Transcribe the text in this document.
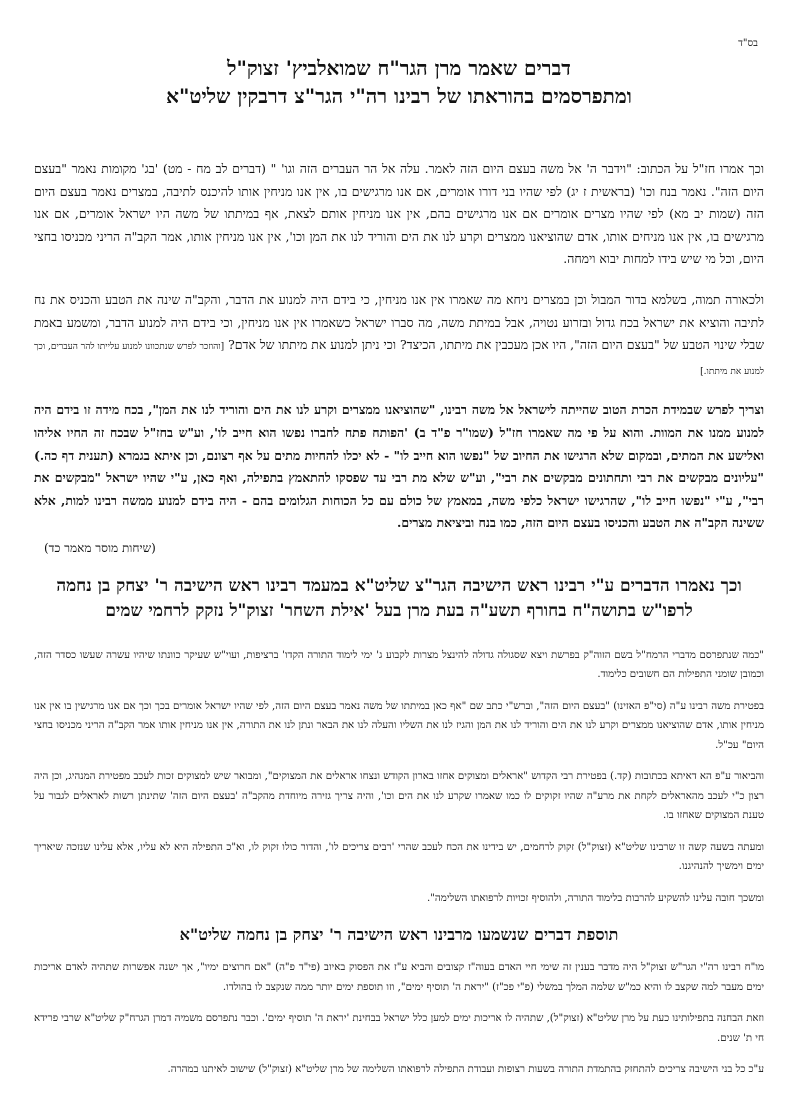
בס"ד
דברים שאמר מרן הגר"ח שמואלביץ' זצוק"ל
ומתפרסמים בהוראתו של רבינו רה"י הגר"צ דרבקין שליט"א

וכך אמרו חז"ל על הכתוב: "וידבר ה' אל משה בעצם היום הזה לאמר. עלה אל הר העברים הזה וגו' " (דברים לב מח - מט) 'בג' מקומות נאמר "בעצם היום הזה". נאמר בנח וכו' (בראשית ז יג) לפי שהיו בני דורו אומרים, אם אנו מרגישים בו, אין אנו מניחין אותו להיכנס לתיבה, במצרים נאמר בעצם היום הזה (שמות יב מא) לפי שהיו מצרים אומרים אם אנו מרגישים בהם, אין אנו מניחין אותם לצאת, אף במיתתו של משה היו ישראל אומרים, אם אנו מרגישים בו, אין אנו מניחים אותו, אדם שהוציאנו ממצרים וקרע לנו את הים והוריד לנו את המן וכו', אין אנו מניחין אותו, אמר הקב"ה הריני מכניסו בחצי היום, וכל מי שיש בידו למחות יבוא וימחה.

ולכאורה תמוה, בשלמא בדור המבול וכן במצרים ניחא מה שאמרו אין אנו מניחין, כי בידם היה למנוע את הדבר, והקב"ה שינה את הטבע והכניס את נח לתיבה והוציא את ישראל בכח גדול ובזרוע נטויה, אבל במיתת משה, מה סברו ישראל כשאמרו אין אנו מניחין, וכי בידם היה למנוע הדבר, ומשמע באמת שבלי שינוי הטבע של "בעצם היום הזה", היו אכן מעכבין את מיתתו, הכיצד? וכי ניתן למנוע את מיתתו של אדם? [והוזכר לפרש שנתכוונו למנוע עלייתו להר העברים, וכך למנוע את מיתתו.]

וצריך לפרש שבמידת הכרת הטוב שהייתה לישראל אל משה רבינו, "שהוציאנו ממצרים וקרע לנו את הים והוריד לנו את המן", בכח מידה זו בידם היה למנוע ממנו את המוות. והוא על פי מה שאמרו חז"ל (שמו"ר פ"ד ב) 'הפותח פתח לחברו נפשו הוא חייב לו', וע"ש בחז"ל שבכח זה החיו אליהו ואלישע את המתים, ובמקום שלא הרגישו את החיוב של "נפשו הוא חייב לו" - לא יכלו להחיות מתים על אף רצונם, וכן איתא בגמרא (תענית דף כה.) "עליונים מבקשים את רבי ותחתונים מבקשים את רבי", וע"ש שלא מת רבי עד שפסקו להתאמץ בתפילה, ואף כאן, ע"י שהיו ישראל "מבקשים את רבי", ע"י "נפשו חייב לו", שהרגישו ישראל כלפי משה, במאמץ של כולם עם כל הכוחות הגלומים בהם - היה בידם למנוע ממשה רבינו למות, אלא ששינה הקב"ה את הטבע והכניסו בעצם היום הזה, כמו בנח וביציאת מצרים.

(שיחות מוסר מאמר כד)
וכך נאמרו הדברים ע"י רבינו ראש הישיבה הגר"צ שליט"א במעמד רבינו ראש הישיבה ר' יצחק בן נחמה לרפו"ש בתושה"ח בחורף תשע"ה בעת מרן בעל 'אילת השחר' זצוק"ל נזקק לרחמי שמים

"כמה שנתפרסם מדברי הרמח"ל בשם הזוה"ק בפרשת ויצא שסגולה גדולה להינצל מצרות לקבוע ג' ימי לימוד התורה הקדו' ברציפות, ועוי"ש שעיקר כוונתו שיהיו עשרה שעשו כסדר הזה, וכמובן שומני התפילות הם חשובים כלימוד.

בפטירת משה רבינו ע"ה (סי"פ האזינו) "בעצם היום הזה", וברש"י כתב שם "אף כאן במיתתו של משה נאמר בעצם היום הזה, לפי שהיו ישראל אומרים בכך וכך אם אנו מרגישין בו אין אנו מניחין אותו, אדם שהוציאנו ממצרים וקרע לנו את הים והוריד לנו את המן והגיז לנו את השליו והעלה לנו את הבאר ונתן לנו את התורה, אין אנו מניחין אותו אמר הקב"ה הריני מכניסו בחצי היום" עכ"ל.

והביאור ע"פ הא דאיתא בכתובות (קד.) בפטירת רבי הקדוש "אראלים ומצוקים אחזו בארון הקודש ונצחו אראלים את המצוקים", ומבואר שיש למצוקים זכות לעכב מפטירת המנהיג, וכן היה רצון כ"י לעכב מהאראלים לקחת את מרע"ה שהיו זקוקים לו כמו שאמרו שקרע לנו את הים וכו', והיה צריך גזירה מיוחדת מהקב"ה 'בעצם היום הזה' שתינתן רשות לאראלים לגבור על טענת המצוקים שאחזו בו.

ומעתה בשעה קשה זו שרבינו שליט"א (זצוק"ל) זקוק לרחמים, יש בידינו את הכח לעכב שהרי 'רבים צריכים לו', והדור כולו זקוק לו, וא"כ התפילה היא לא עליו, אלא עלינו שנזכה שיאריך ימים וימשיך להנהיגנו.

ומשכך חובה עלינו להשקיע להרבות בלימוד התורה, ולהוסיף זכויות לרפואתו השלימה".

תוספת דברים שנשמעו מרבינו ראש הישיבה ר' יצחק בן נחמה שליט"א

מו"ח רבינו רה"י הגר"ש זצוק"ל היה מדבר בענין זה שימי חיי האדם בעוה"ז קצובים והביא ע"ז את הפסוק באיוב (פי"ד פ"ה) "אם חרוצים ימיו", אך ישנה אפשרות שתהיה לאדם אריכות ימים מעבר למה שקצב לו והיא כמ"ש שלמה המלך במשלי (פ"י פכ"ז) "יראת ה' תוסיף ימים", וזו תוספת ימים יותר ממה שנקצב לו בהולדו.

וזאת הבחנה בתפילותינו כעת על מרן שליט"א (זצוק"ל), שתהיה לו אריכות ימים למען כלל ישראל בבחינת 'יראת ה' תוסיף ימים'. וכבר נתפרסם משמיה דמרן הגרח"ק שליט"א שרבי פרידא חי ת' שנים.

ע"כ כל בני הישיבה צריכים להתחזק בהתמדת התורה בשעות רצופות ועבודת התפילה לרפואתו השלימה של מרן שליט"א (זצוק"ל) שישוב לאיתנו במהרה.
